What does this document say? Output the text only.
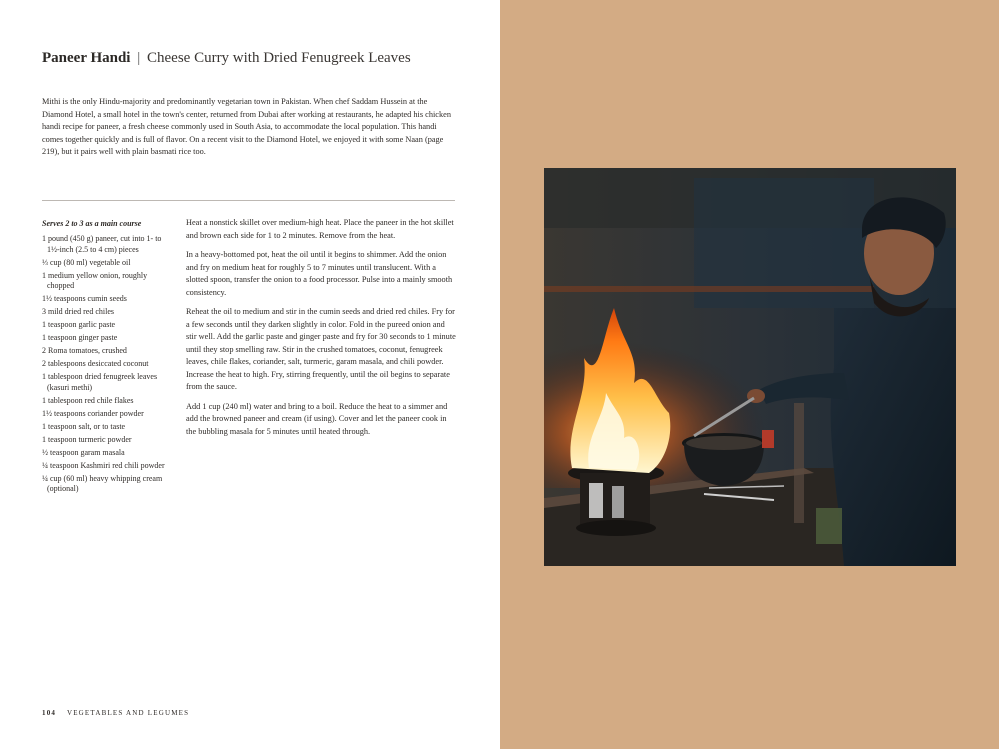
Paneer Handi | Cheese Curry with Dried Fenugreek Leaves
Mithi is the only Hindu-majority and predominantly vegetarian town in Pakistan. When chef Saddam Hussein at the Diamond Hotel, a small hotel in the town's center, returned from Dubai after working at restaurants, he adapted his chicken handi recipe for paneer, a fresh cheese commonly used in South Asia, to accommodate the local population. This handi comes together quickly and is full of flavor. On a recent visit to the Diamond Hotel, we enjoyed it with some Naan (page 219), but it pairs well with plain basmati rice too.
Serves 2 to 3 as a main course
1 pound (450 g) paneer, cut into 1- to 1½-inch (2.5 to 4 cm) pieces
⅓ cup (80 ml) vegetable oil
1 medium yellow onion, roughly chopped
1½ teaspoons cumin seeds
3 mild dried red chiles
1 teaspoon garlic paste
1 teaspoon ginger paste
2 Roma tomatoes, crushed
2 tablespoons desiccated coconut
1 tablespoon dried fenugreek leaves (kasuri methi)
1 tablespoon red chile flakes
1½ teaspoons coriander powder
1 teaspoon salt, or to taste
1 teaspoon turmeric powder
½ teaspoon garam masala
¼ teaspoon Kashmiri red chili powder
¼ cup (60 ml) heavy whipping cream (optional)

Heat a nonstick skillet over medium-high heat. Place the paneer in the hot skillet and brown each side for 1 to 2 minutes. Remove from the heat.

In a heavy-bottomed pot, heat the oil until it begins to shimmer. Add the onion and fry on medium heat for roughly 5 to 7 minutes until translucent. With a slotted spoon, transfer the onion to a food processor. Pulse into a mainly smooth consistency.

Reheat the oil to medium and stir in the cumin seeds and dried red chiles. Fry for a few seconds until they darken slightly in color. Fold in the pureed onion and stir well. Add the garlic paste and ginger paste and fry for 30 seconds to 1 minute until they stop smelling raw. Stir in the crushed tomatoes, coconut, fenugreek leaves, chile flakes, coriander, salt, turmeric, garam masala, and chili powder. Increase the heat to high. Fry, stirring frequently, until the oil begins to separate from the sauce.

Add 1 cup (240 ml) water and bring to a boil. Reduce the heat to a simmer and add the browned paneer and cream (if using). Cover and let the paneer cook in the bubbling masala for 5 minutes until heated through.

104 VEGETABLES AND LEGUMES
